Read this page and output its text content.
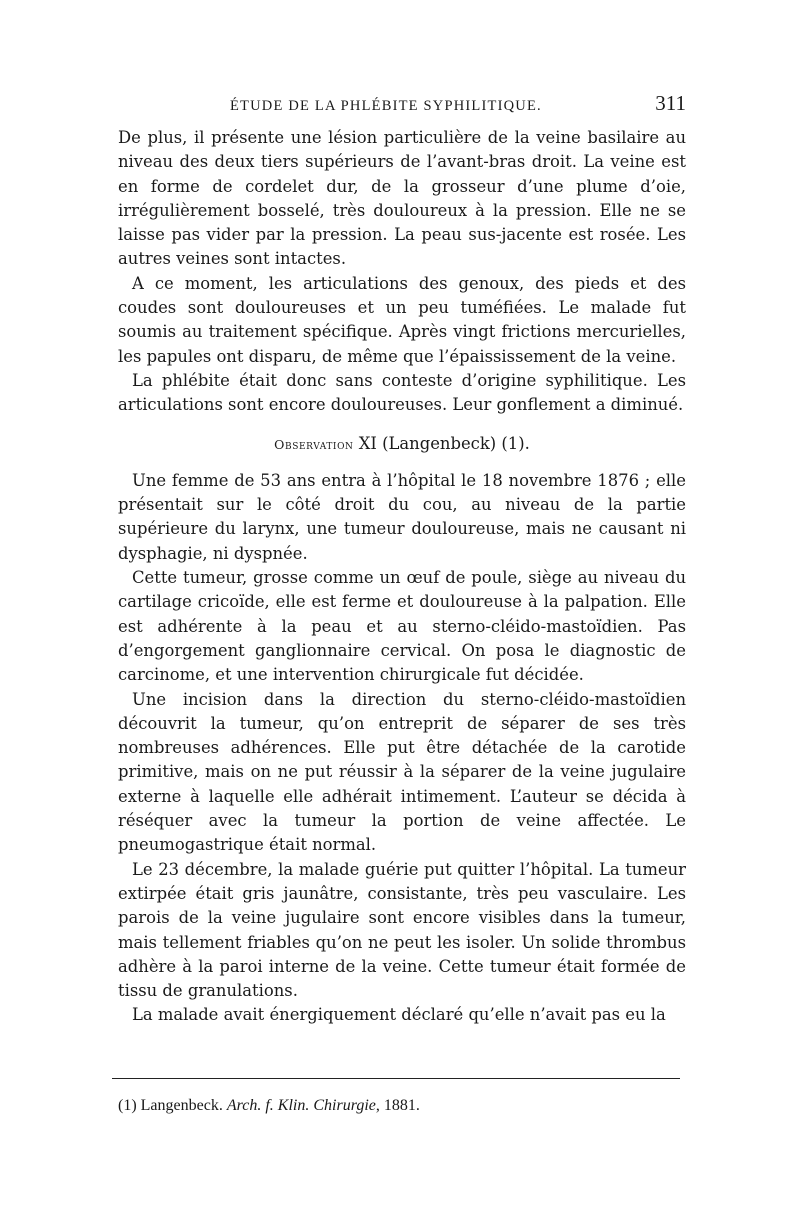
ÉTUDE DE LA PHLÉBITE SYPHILITIQUE.	311

De plus, il présente une lésion particulière de la veine basilaire au niveau des deux tiers supérieurs de l’avant-bras droit. La veine est en forme de cordelet dur, de la grosseur d’une plume d’oie, irrégulièrement bosselé, très douloureux à la pression. Elle ne se laisse pas vider par la pression. La peau sus-jacente est rosée. Les autres veines sont intactes.

A ce moment, les articulations des genoux, des pieds et des coudes sont douloureuses et un peu tuméfiées. Le malade fut soumis au traitement spécifique. Après vingt frictions mercurielles, les papules ont disparu, de même que l’épaississement de la veine.

La phlébite était donc sans conteste d’origine syphilitique. Les articulations sont encore douloureuses. Leur gonflement a diminué.

Observation XI (Langenbeck) (1).

Une femme de 53 ans entra à l’hôpital le 18 novembre 1876 ; elle présentait sur le côté droit du cou, au niveau de la partie supérieure du larynx, une tumeur douloureuse, mais ne causant ni dysphagie, ni dyspnée.

Cette tumeur, grosse comme un œuf de poule, siège au niveau du cartilage cricoïde, elle est ferme et douloureuse à la palpation. Elle est adhérente à la peau et au sterno-cléido-mastoïdien. Pas d’engorgement ganglionnaire cervical. On posa le diagnostic de carcinome, et une intervention chirurgicale fut décidée.

Une incision dans la direction du sterno-cléido-mastoïdien découvrit la tumeur, qu’on entreprit de séparer de ses très nombreuses adhérences. Elle put être détachée de la carotide primitive, mais on ne put réussir à la séparer de la veine jugulaire externe à laquelle elle adhérait intimement. L’auteur se décida à réséquer avec la tumeur la portion de veine affectée. Le pneumogastrique était normal.

Le 23 décembre, la malade guérie put quitter l’hôpital. La tumeur extirpée était gris jaunâtre, consistante, très peu vasculaire. Les parois de la veine jugulaire sont encore visibles dans la tumeur, mais tellement friables qu’on ne peut les isoler. Un solide thrombus adhère à la paroi interne de la veine. Cette tumeur était formée de tissu de granulations.

La malade avait énergiquement déclaré qu’elle n’avait pas eu la

(1) Langenbeck. Arch. f. Klin. Chirurgie, 1881.
